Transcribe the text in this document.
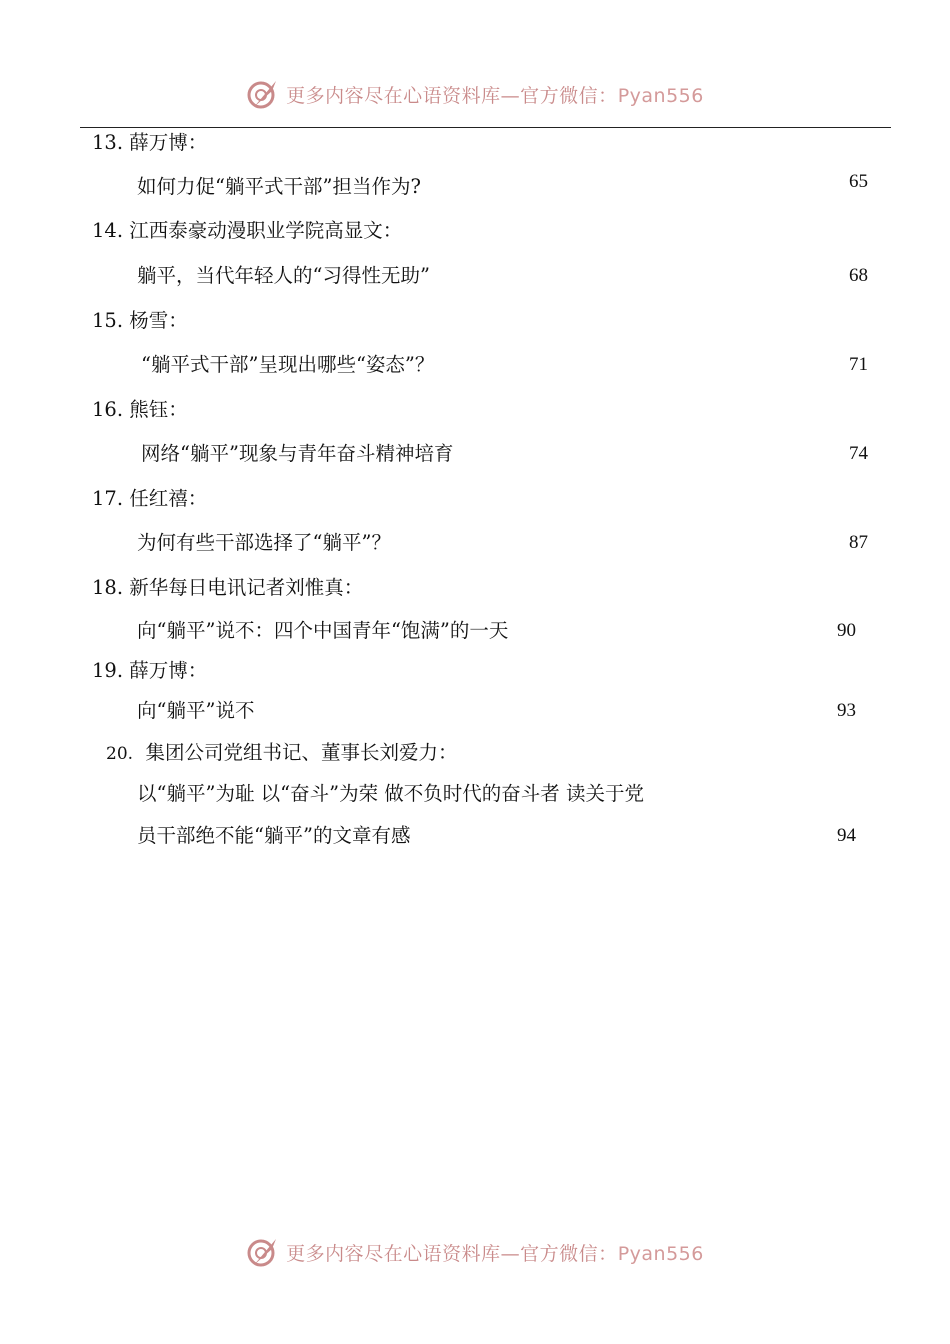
更多内容尽在心语资料库—官方微信：Pyan556
13. 薛万博：
如何力促“躺平式干部”担当作为?	65
14. 江西泰豪动漫职业学院高显文：
躺平，当代年轻人的“习得性无助”	68
15. 杨雪：
“躺平式干部”呈现出哪些“姿态”？	71
16. 熊钰：
网络“躺平”现象与青年奋斗精神培育	74
17. 任红禧：
为何有些干部选择了“躺平”？	87
18. 新华每日电讯记者刘惟真：
向“躺平”说不：四个中国青年“饱满”的一天	90
19. 薛万博：
向“躺平”说不	93
20. 集团公司党组书记、董事长刘爱力：
以“躺平”为耻 以“奋斗”为荣 做不负时代的奋斗者 读关于党
员干部绝不能“躺平”的文章有感	94
更多内容尽在心语资料库—官方微信：Pyan556
